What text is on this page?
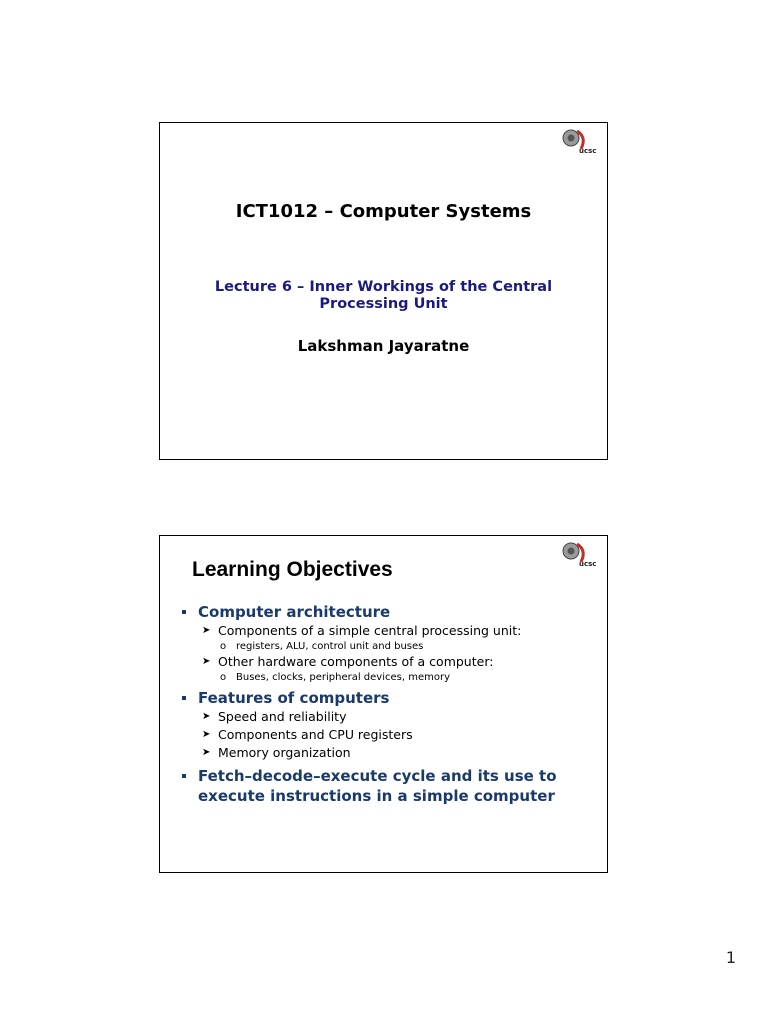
ucsc
ICT1012 – Computer Systems
Lecture 6 – Inner Workings of the Central
Processing Unit
Lakshman Jayaratne
ucsc
Learning Objectives
Computer architecture
➤ Components of a simple central processing unit:
o registers, ALU, control unit and buses
➤ Other hardware components of a computer:
o Buses, clocks, peripheral devices, memory
Features of computers
➤ Speed and reliability
➤ Components and CPU registers
➤ Memory organization
Fetch–decode–execute cycle and its use to execute instructions in a simple computer
1
